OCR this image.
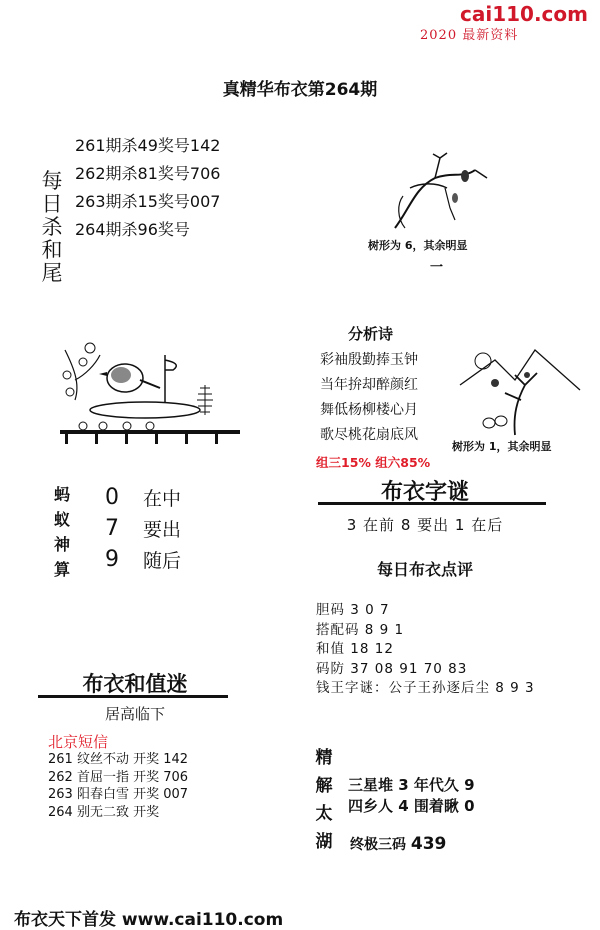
cai110.com
2020 最新资料
真精华布衣第264期
每
日
杀
和
尾
261期杀49奖号142
262期杀81奖号706
263期杀15奖号007
264期杀96奖号
树形为 6，其余明显
一
分析诗
彩袖殷勤捧玉钟
当年拚却醉颜红
舞低杨柳楼心月
歌尽桃花扇底风
组三15% 组六85%
树形为 1，其余明显
蚂
蚁
神
算
0
7
9
在中
要出
随后
布衣字谜
3 在前 8 要出 1 在后
每日布衣点评
胆码 3 0 7
搭配码 8 9 1
和值 18 12
码防 37 08 91 70 83
钱王字谜：公子王孙逐后尘 8 9 3
布衣和值迷
居高临下
北京短信
261 纹丝不动 开奖 142
262 首屈一指 开奖 706
263 阳春白雪 开奖 007
264 别无二致 开奖
精
解
太
湖
三星堆 3 年代久 9
四乡人 4 围着瞅 0
终极三码 439
布衣天下首发 www.cai110.com
